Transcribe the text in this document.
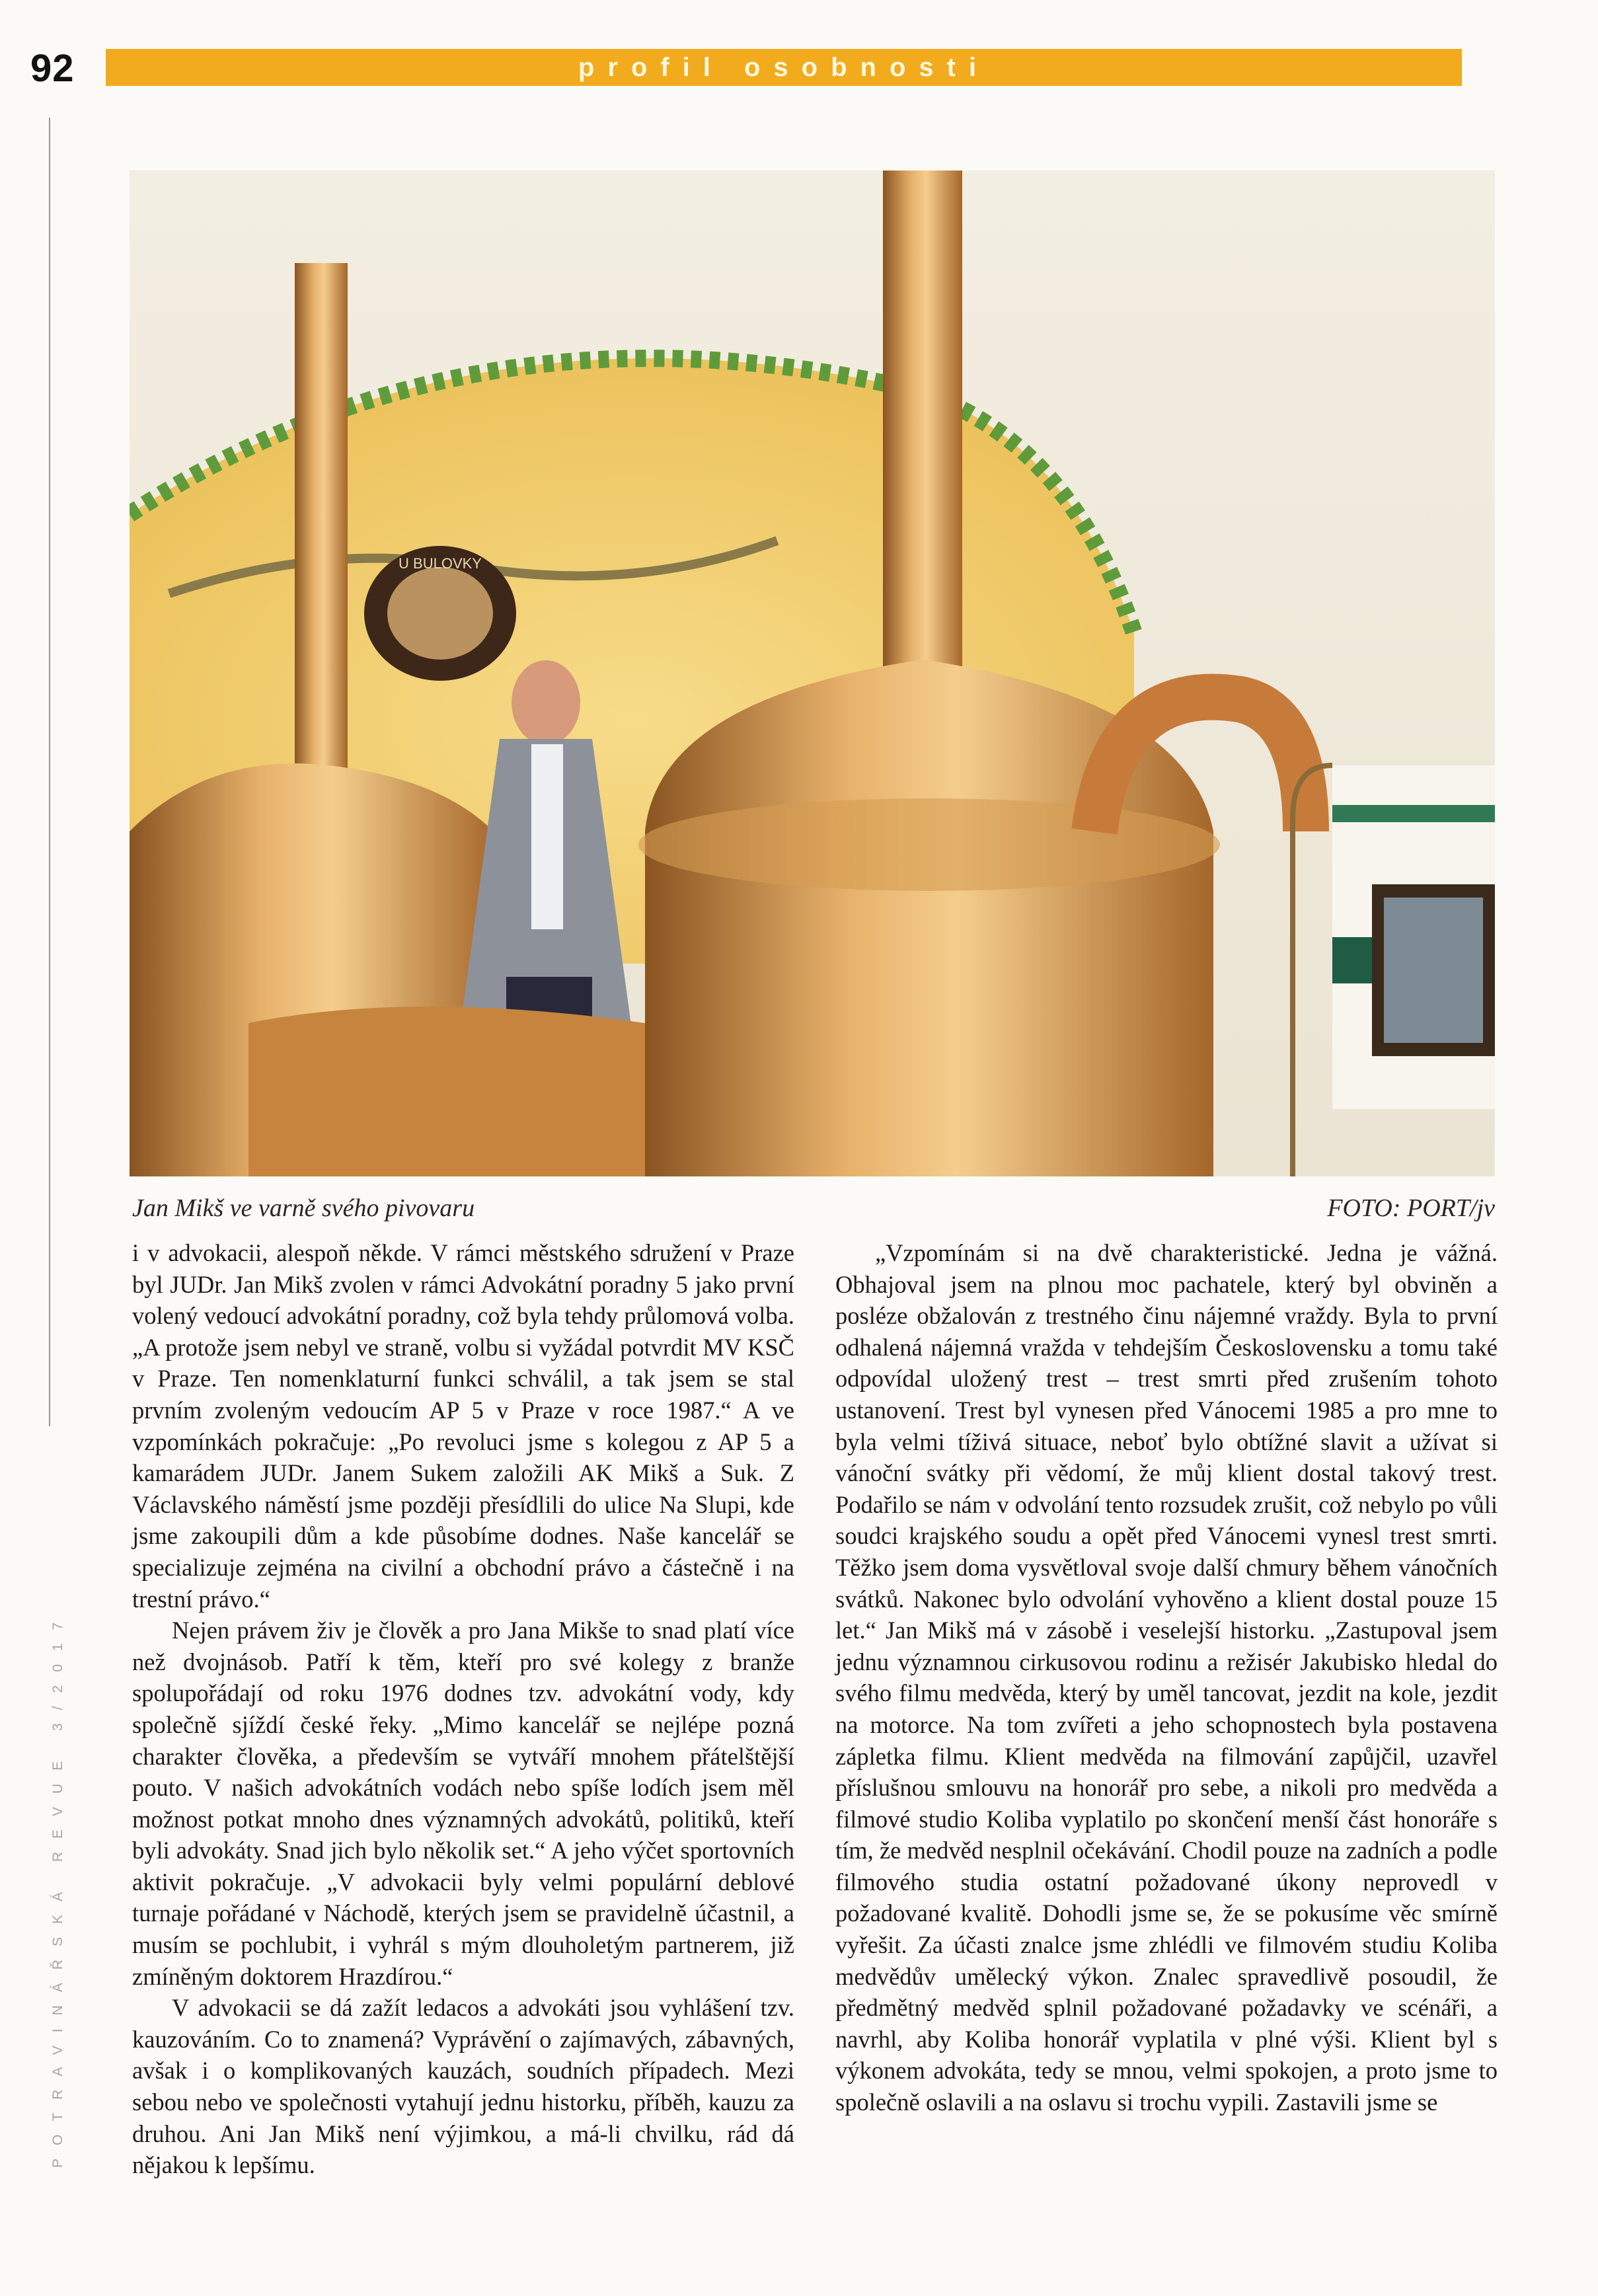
92	profil osobnosti
POTRAVINÁŘSKÁ REVUE 3/2017
U BULOVKY
Jan Mikš ve varně svého pivovaru	FOTO: PORT/jv

i v advokacii, alespoň někde. V rámci městského sdružení v Praze byl JUDr. Jan Mikš zvolen v rámci Advokátní poradny 5 jako první volený vedoucí advokátní poradny, což byla tehdy průlomová volba. „A protože jsem nebyl ve straně, volbu si vyžádal potvrdit MV KSČ v Praze. Ten nomenklaturní funkci schválil, a tak jsem se stal prvním zvoleným vedoucím AP 5 v Praze v roce 1987.“ A ve vzpomínkách pokračuje: „Po revoluci jsme s kolegou z AP 5 a kamarádem JUDr. Janem Sukem založili AK Mikš a Suk. Z Václavského náměstí jsme později přesídlili do ulice Na Slupi, kde jsme zakoupili dům a kde působíme dodnes. Naše kancelář se specializuje zejména na civilní a obchodní právo a částečně i na trestní právo.“

Nejen právem živ je člověk a pro Jana Mikše to snad platí více než dvojnásob. Patří k těm, kteří pro své kolegy z branže spolupořádají od roku 1976 dodnes tzv. advokátní vody, kdy společně sjíždí české řeky. „Mimo kancelář se nejlépe pozná charakter člověka, a především se vytváří mnohem přátelštější pouto. V našich advokátních vodách nebo spíše lodích jsem měl možnost potkat mnoho dnes významných advokátů, politiků, kteří byli advokáty. Snad jich bylo několik set.“ A jeho výčet sportovních aktivit pokračuje. „V advokacii byly velmi populární deblové turnaje pořádané v Náchodě, kterých jsem se pravidelně účastnil, a musím se pochlubit, i vyhrál s mým dlouholetým partnerem, již zmíněným doktorem Hrazdírou.“

V advokacii se dá zažít ledacos a advokáti jsou vyhlášení tzv. kauzováním. Co to znamená? Vyprávění o zajímavých, zábavných, avšak i o komplikovaných kauzách, soudních případech. Mezi sebou nebo ve společnosti vytahují jednu historku, příběh, kauzu za druhou. Ani Jan Mikš není výjimkou, a má-li chvilku, rád dá nějakou k lepšímu.

„Vzpomínám si na dvě charakteristické. Jedna je vážná. Obhajoval jsem na plnou moc pachatele, který byl obviněn a posléze obžalován z trestného činu nájemné vraždy. Byla to první odhalená nájemná vražda v tehdejším Československu a tomu také odpovídal uložený trest – trest smrti před zrušením tohoto ustanovení. Trest byl vynesen před Vánocemi 1985 a pro mne to byla velmi tíživá situace, neboť bylo obtížné slavit a užívat si vánoční svátky při vědomí, že můj klient dostal takový trest. Podařilo se nám v odvolání tento rozsudek zrušit, což nebylo po vůli soudci krajského soudu a opět před Vánocemi vynesl trest smrti. Těžko jsem doma vysvětloval svoje další chmury během vánočních svátků. Nakonec bylo odvolání vyhověno a klient dostal pouze 15 let.“ Jan Mikš má v zásobě i veselejší historku. „Zastupoval jsem jednu významnou cirkusovou rodinu a režisér Jakubisko hledal do svého filmu medvěda, který by uměl tancovat, jezdit na kole, jezdit na motorce. Na tom zvířeti a jeho schopnostech byla postavena zápletka filmu. Klient medvěda na filmování zapůjčil, uzavřel příslušnou smlouvu na honorář pro sebe, a nikoli pro medvěda a filmové studio Koliba vyplatilo po skončení menší část honoráře s tím, že medvěd nesplnil očekávání. Chodil pouze na zadních a podle filmového studia ostatní požadované úkony neprovedl v požadované kvalitě. Dohodli jsme se, že se pokusíme věc smírně vyřešit. Za účasti znalce jsme zhlédli ve filmovém studiu Koliba medvědův umělecký výkon. Znalec spravedlivě posoudil, že předmětný medvěd splnil požadované požadavky ve scénáři, a navrhl, aby Koliba honorář vyplatila v plné výši. Klient byl s výkonem advokáta, tedy se mnou, velmi spokojen, a proto jsme to společně oslavili a na oslavu si trochu vypili. Zastavili jsme se
